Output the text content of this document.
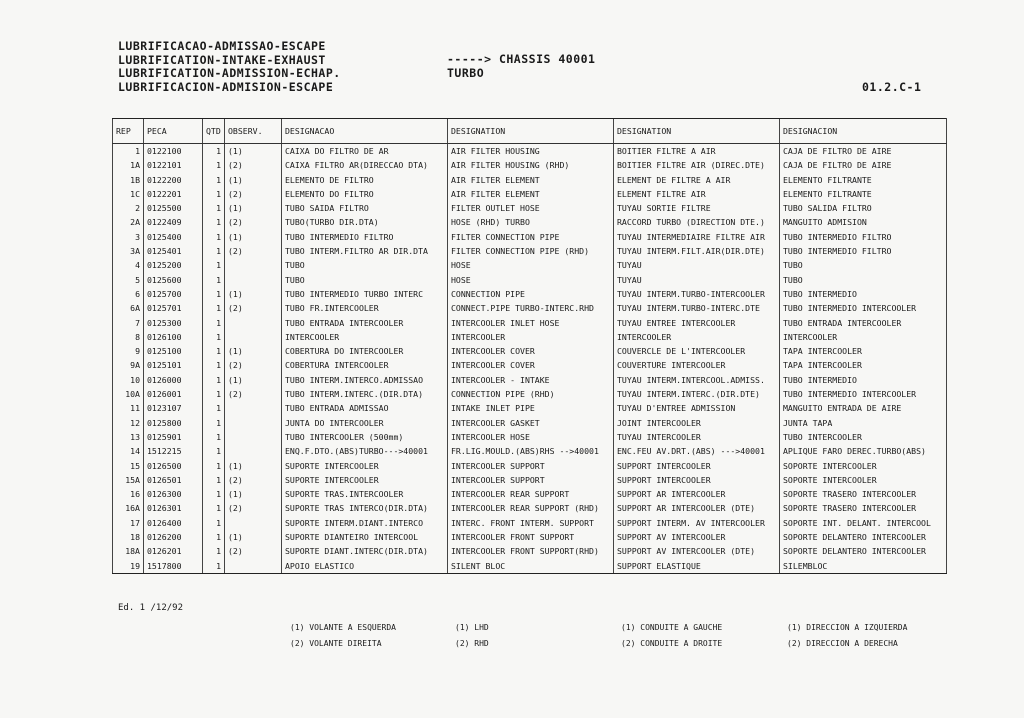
LUBRIFICACAO-ADMISSAO-ESCAPE
LUBRIFICATION-INTAKE-EXHAUST
LUBRIFICATION-ADMISSION-ECHAP.
LUBRIFICACION-ADMISION-ESCAPE
-----> CHASSIS 40001
TURBO
01.2.C-1
REP	PECA	QTD	OBSERV.	DESIGNACAO	DESIGNATION	DESIGNATION	DESIGNACION
1	0122100	1	(1)	CAIXA DO FILTRO DE AR	AIR FILTER HOUSING	BOITIER FILTRE A AIR	CAJA DE FILTRO DE AIRE
1A	0122101	1	(2)	CAIXA FILTRO AR(DIRECCAO DTA)	AIR FILTER HOUSING (RHD)	BOITIER FILTRE AIR (DIREC.DTE)	CAJA DE FILTRO DE AIRE
1B	0122200	1	(1)	ELEMENTO DE FILTRO	AIR FILTER ELEMENT	ELEMENT DE FILTRE A AIR	ELEMENTO FILTRANTE
1C	0122201	1	(2)	ELEMENTO DO FILTRO	AIR FILTER ELEMENT	ELEMENT FILTRE AIR	ELEMENTO FILTRANTE
2	0125500	1	(1)	TUBO SAIDA FILTRO	FILTER OUTLET HOSE	TUYAU SORTIE FILTRE	TUBO SALIDA FILTRO
2A	0122409	1	(2)	TUBO(TURBO DIR.DTA)	HOSE (RHD) TURBO	RACCORD TURBO (DIRECTION DTE.)	MANGUITO ADMISION
3	0125400	1	(1)	TUBO INTERMEDIO FILTRO	FILTER CONNECTION PIPE	TUYAU INTERMEDIAIRE FILTRE AIR	TUBO INTERMEDIO FILTRO
3A	0125401	1	(2)	TUBO INTERM.FILTRO AR DIR.DTA	FILTER CONNECTION PIPE (RHD)	TUYAU INTERM.FILT.AIR(DIR.DTE)	TUBO INTERMEDIO FILTRO
4	0125200	1		TUBO	HOSE	TUYAU	TUBO
5	0125600	1		TUBO	HOSE	TUYAU	TUBO
6	0125700	1	(1)	TUBO INTERMEDIO TURBO INTERC	CONNECTION PIPE	TUYAU INTERM.TURBO-INTERCOOLER	TUBO INTERMEDIO
6A	0125701	1	(2)	TUBO FR.INTERCOOLER	CONNECT.PIPE TURBO-INTERC.RHD	TUYAU INTERM.TURBO-INTERC.DTE	TUBO INTERMEDIO INTERCOOLER
7	0125300	1		TUBO ENTRADA INTERCOOLER	INTERCOOLER INLET HOSE	TUYAU ENTREE INTERCOOLER	TUBO ENTRADA INTERCOOLER
8	0126100	1		INTERCOOLER	INTERCOOLER	INTERCOOLER	INTERCOOLER
9	0125100	1	(1)	COBERTURA DO INTERCOOLER	INTERCOOLER COVER	COUVERCLE DE L'INTERCOOLER	TAPA INTERCOOLER
9A	0125101	1	(2)	COBERTURA INTERCOOLER	INTERCOOLER COVER	COUVERTURE INTERCOOLER	TAPA INTERCOOLER
10	0126000	1	(1)	TUBO INTERM.INTERCO.ADMISSAO	INTERCOOLER - INTAKE	TUYAU INTERM.INTERCOOL.ADMISS.	TUBO INTERMEDIO
10A	0126001	1	(2)	TUBO INTERM.INTERC.(DIR.DTA)	CONNECTION PIPE (RHD)	TUYAU INTERM.INTERC.(DIR.DTE)	TUBO INTERMEDIO INTERCOOLER
11	0123107	1		TUBO ENTRADA ADMISSAO	INTAKE INLET PIPE	TUYAU D'ENTREE ADMISSION	MANGUITO ENTRADA DE AIRE
12	0125800	1		JUNTA DO INTERCOOLER	INTERCOOLER GASKET	JOINT INTERCOOLER	JUNTA TAPA
13	0125901	1		TUBO INTERCOOLER (500mm)	INTERCOOLER HOSE	TUYAU INTERCOOLER	TUBO INTERCOOLER
14	1512215	1		ENQ.F.DTO.(ABS)TURBO--->40001	FR.LIG.MOULD.(ABS)RHS -->40001	ENC.FEU AV.DRT.(ABS) --->40001	APLIQUE FARO DEREC.TURBO(ABS)
15	0126500	1	(1)	SUPORTE INTERCOOLER	INTERCOOLER SUPPORT	SUPPORT INTERCOOLER	SOPORTE INTERCOOLER
15A	0126501	1	(2)	SUPORTE INTERCOOLER	INTERCOOLER SUPPORT	SUPPORT INTERCOOLER	SOPORTE INTERCOOLER
16	0126300	1	(1)	SUPORTE TRAS.INTERCOOLER	INTERCOOLER REAR SUPPORT	SUPPORT AR INTERCOOLER	SOPORTE TRASERO INTERCOOLER
16A	0126301	1	(2)	SUPORTE TRAS INTERCO(DIR.DTA)	INTERCOOLER REAR SUPPORT (RHD)	SUPPORT AR INTERCOOLER (DTE)	SOPORTE TRASERO INTERCOOLER
17	0126400	1		SUPORTE INTERM.DIANT.INTERCO	INTERC. FRONT INTERM. SUPPORT	SUPPORT INTERM. AV INTERCOOLER	SOPORTE INT. DELANT. INTERCOOL
18	0126200	1	(1)	SUPORTE DIANTEIRO INTERCOOL	INTERCOOLER FRONT SUPPORT	SUPPORT AV INTERCOOLER	SOPORTE DELANTERO INTERCOOLER
18A	0126201	1	(2)	SUPORTE DIANT.INTERC(DIR.DTA)	INTERCOOLER FRONT SUPPORT(RHD)	SUPPORT AV INTERCOOLER (DTE)	SOPORTE DELANTERO INTERCOOLER
19	1517800	1		APOIO ELASTICO	SILENT BLOC	SUPPORT ELASTIQUE	SILEMBLOC
Ed. 1 /12/92
(1) VOLANTE A ESQUERDA
(2) VOLANTE DIREITA
(1) LHD
(2) RHD
(1) CONDUITE A GAUCHE
(2) CONDUITE A DROITE
(1) DIRECCION A IZQUIERDA
(2) DIRECCION A DERECHA
